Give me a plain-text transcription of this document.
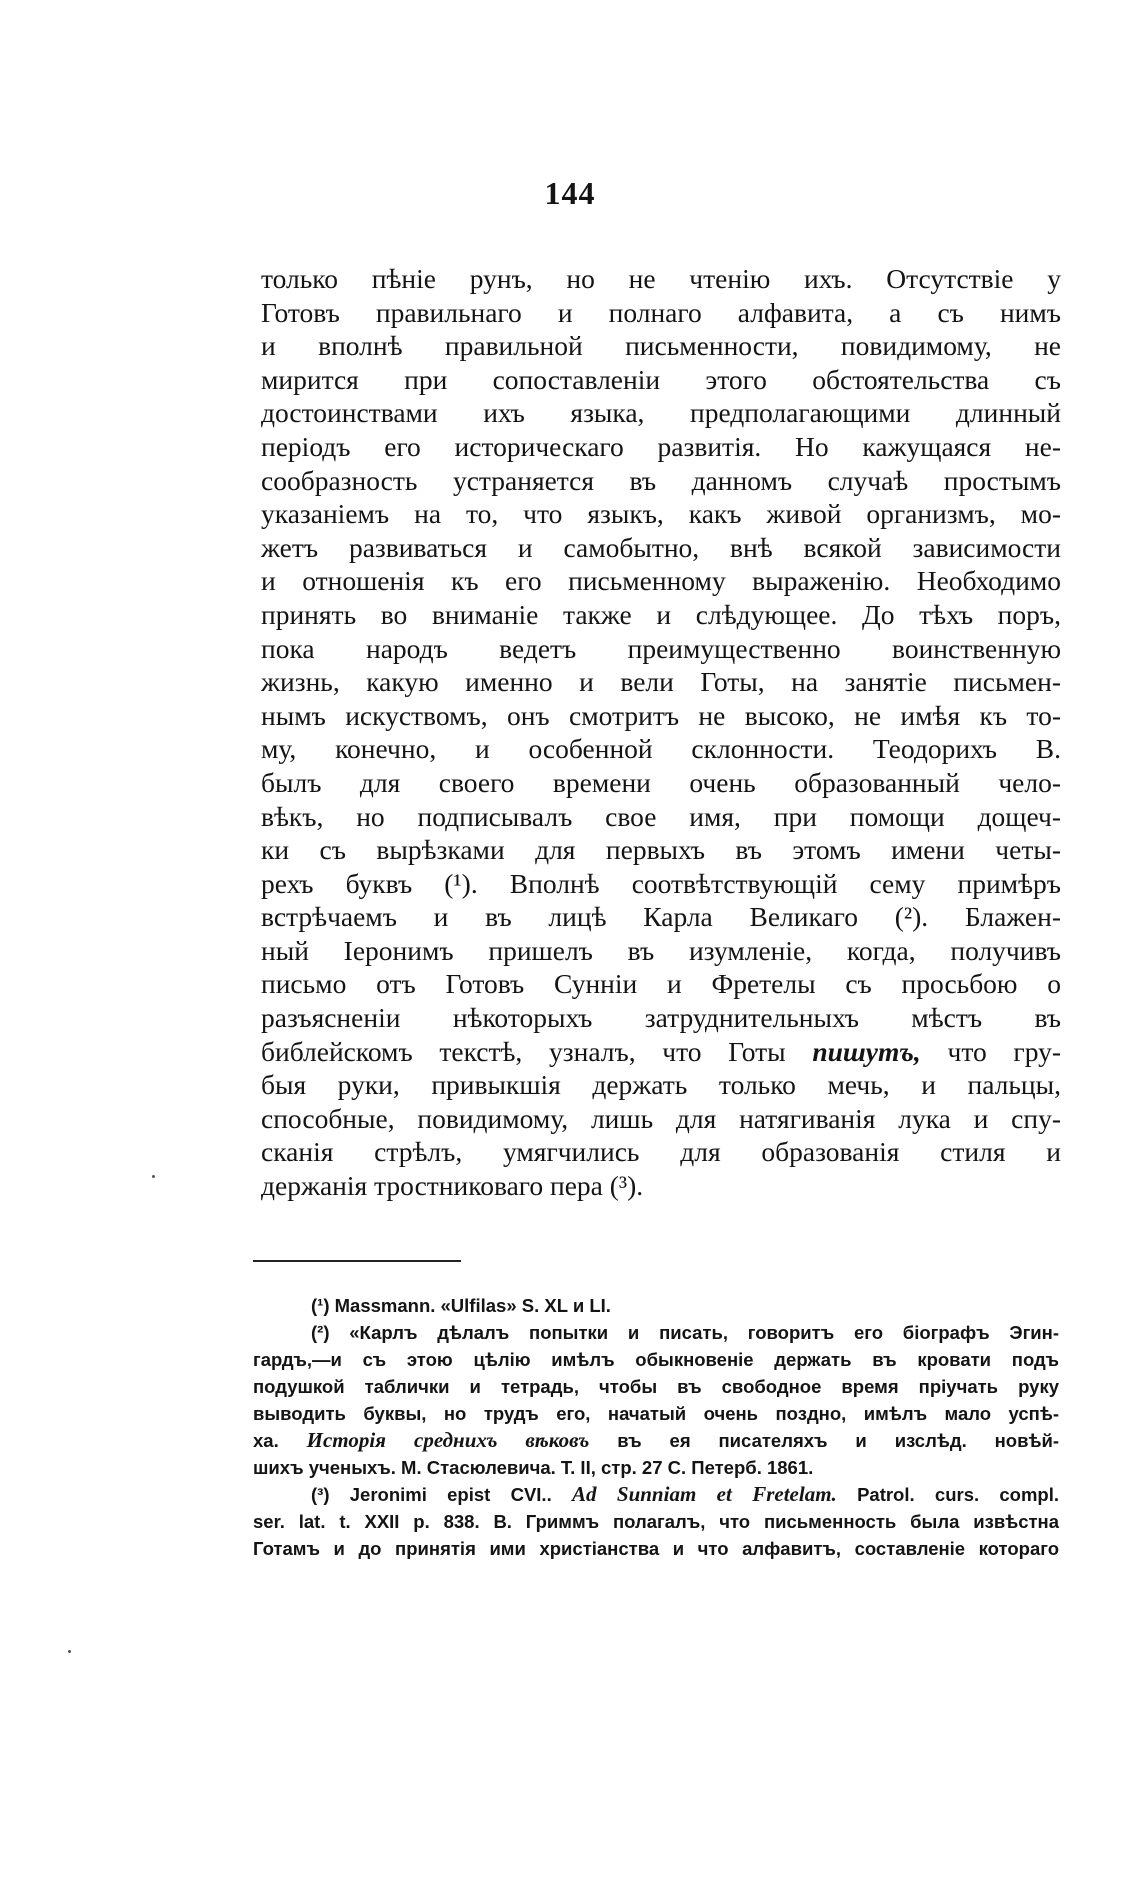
144
только пѣніе рунъ, но не чтенiю ихъ. Отсутствiе у
Готовъ правильнаго и полнаго алфавита, а съ нимъ
и вполнѣ правильной письменности, повидимому, не
мирится при сопоставленiи этого обстоятельства съ
достоинствами ихъ языка, предполагающими длинный
перiодъ его историческаго развитія. Но кажущаяся не-
сообразность устраняется въ данномъ случаѣ простымъ
указанiемъ на то, что языкъ, какъ живой организмъ, мо-
жетъ развиваться и самобытно, внѣ всякой зависимости
и отношенiя къ его письменному выраженiю. Необходимо
принять во вниманiе также и слѣдующее. До тѣхъ поръ,
пока народъ ведетъ преимущественно воинственную
жизнь, какую именно и вели Готы, на занятiе письмен-
нымъ искуствомъ, онъ смотритъ не высоко, не имѣя къ то-
му, конечно, и особенной склонности. Теодорихъ В.
былъ для своего времени очень образованный чело-
вѣкъ, но подписывалъ свое имя, при помощи дощеч-
ки съ вырѣзками для первыхъ въ этомъ имени четы-
рехъ буквъ (¹). Вполнѣ соотвѣтствующiй сему примѣръ
встрѣчаемъ и въ лицѣ Карла Великаго (²). Блажен-
ный Iеронимъ пришелъ въ изумленiе, когда, получивъ
письмо отъ Готовъ Суннiи и Фретелы съ просьбою о
разъясненiи нѣкоторыхъ затруднительныхъ мѣстъ въ
библейскомъ текстѣ, узналъ, что Готы пишутъ, что гру-
быя руки, привыкшiя держать только мечь, и пальцы,
способные, повидимому, лишь для натягиванiя лука и спу-
сканiя стрѣлъ, умягчились для образованiя стиля и
держанiя тростниковаго пера (³).
(¹) Massmann. «Ulfilas» S. XL и LI.
(²) «Карлъ дѣлалъ попытки и писать, говоритъ его бiографъ Эгин-
гардъ,—и съ этою цѣлiю имѣлъ обыкновенiе держать въ кровати подъ
подушкой таблички и тетрадь, чтобы въ свободное время прiучать руку
выводить буквы, но трудъ его, начатый очень поздно, имѣлъ мало успѣ-
ха. Исторiя среднихъ вѣковъ въ ея писателяхъ и изслѣд. новѣй-
шихъ ученыхъ. М. Стасюлевича. Т. II, стр. 27 С. Петерб. 1861.
(³) Jeronimi epist CVI.. Ad Sunniam et Fretelam. Patrol. curs. compl.
ser. lat. t. XXII p. 838. В. Гриммъ полагалъ, что письменность была извѣстна
Готамъ и до принятiя ими христiанства и что алфавитъ, составленiе котораго
